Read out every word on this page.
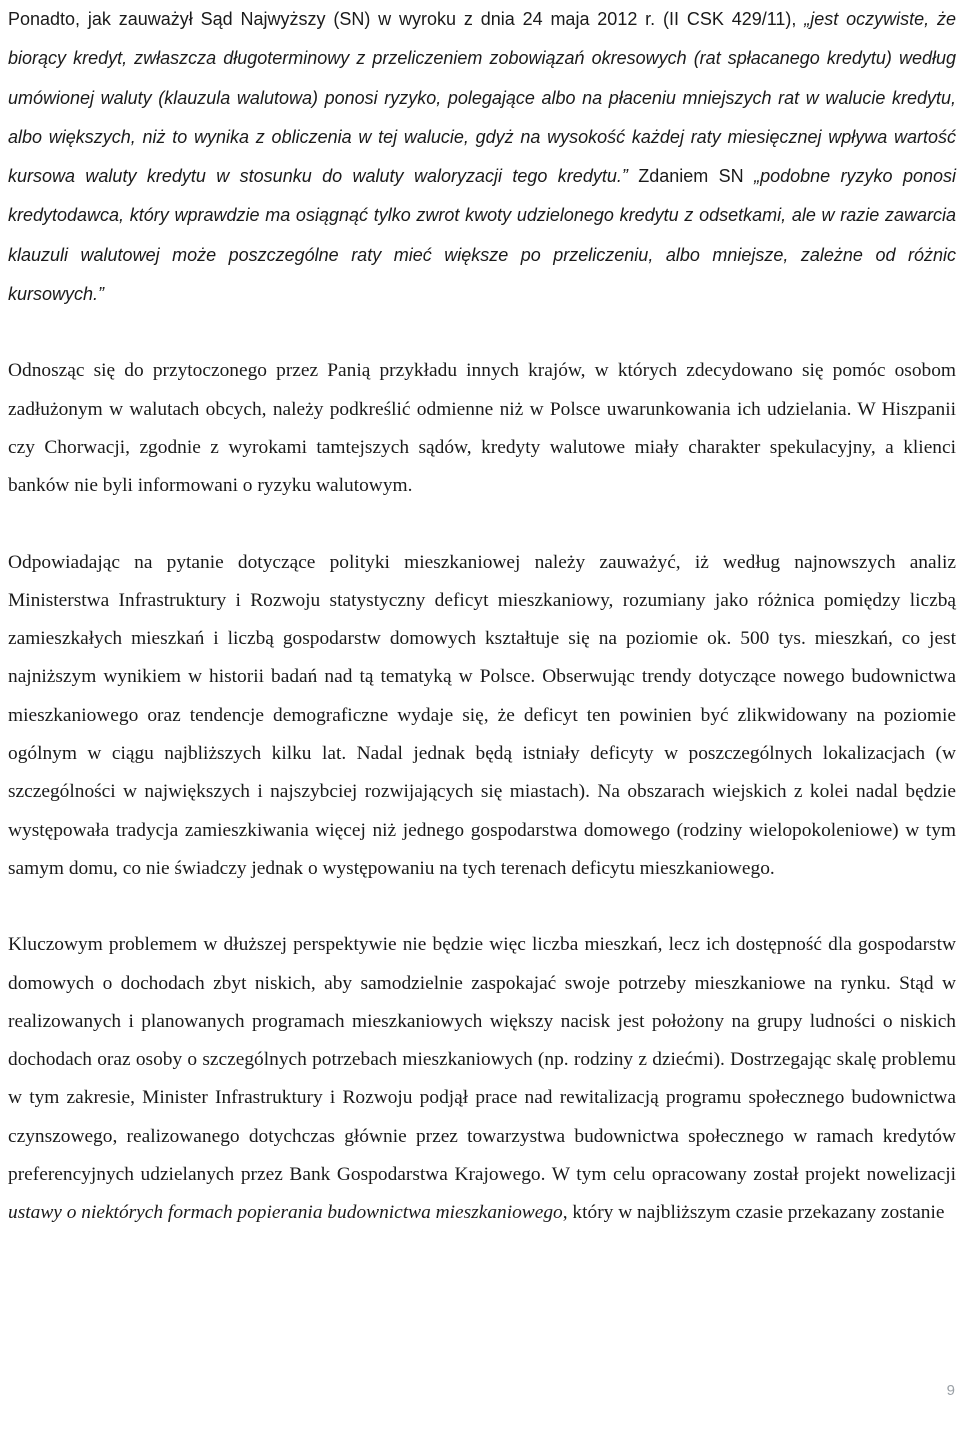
Ponadto, jak zauważył Sąd Najwyższy (SN) w wyroku z dnia 24 maja 2012 r. (II CSK 429/11), „jest oczywiste, że biorący kredyt, zwłaszcza długoterminowy z przeliczeniem zobowiązań okresowych (rat spłacanego kredytu) według umówionej waluty (klauzula walutowa) ponosi ryzyko, polegające albo na płaceniu mniejszych rat w walucie kredytu, albo większych, niż to wynika z obliczenia w tej walucie, gdyż na wysokość każdej raty miesięcznej wpływa wartość kursowa waluty kredytu w stosunku do waluty waloryzacji tego kredytu.” Zdaniem SN „podobne ryzyko ponosi kredytodawca, który wprawdzie ma osiągnąć tylko zwrot kwoty udzielonego kredytu z odsetkami, ale w razie zawarcia klauzuli walutowej może poszczególne raty mieć większe po przeliczeniu, albo mniejsze, zależne od różnic kursowych.”

Odnosząc się do przytoczonego przez Panią przykładu innych krajów, w których zdecydowano się pomóc osobom zadłużonym w walutach obcych, należy podkreślić odmienne niż w Polsce uwarunkowania ich udzielania. W Hiszpanii czy Chorwacji, zgodnie z wyrokami tamtejszych sądów, kredyty walutowe miały charakter spekulacyjny, a klienci banków nie byli informowani o ryzyku walutowym.

Odpowiadając na pytanie dotyczące polityki mieszkaniowej należy zauważyć, iż według najnowszych analiz Ministerstwa Infrastruktury i Rozwoju statystyczny deficyt mieszkaniowy, rozumiany jako różnica pomiędzy liczbą zamieszkałych mieszkań i liczbą gospodarstw domowych kształtuje się na poziomie ok. 500 tys. mieszkań, co jest najniższym wynikiem w historii badań nad tą tematyką w Polsce. Obserwując trendy dotyczące nowego budownictwa mieszkaniowego oraz tendencje demograficzne wydaje się, że deficyt ten powinien być zlikwidowany na poziomie ogólnym w ciągu najbliższych kilku lat. Nadal jednak będą istniały deficyty w poszczególnych lokalizacjach (w szczególności w największych i najszybciej rozwijających się miastach). Na obszarach wiejskich z kolei nadal będzie występowała tradycja zamieszkiwania więcej niż jednego gospodarstwa domowego (rodziny wielopokoleniowe) w tym samym domu, co nie świadczy jednak o występowaniu na tych terenach deficytu mieszkaniowego.

Kluczowym problemem w dłuższej perspektywie nie będzie więc liczba mieszkań, lecz ich dostępność dla gospodarstw domowych o dochodach zbyt niskich, aby samodzielnie zaspokajać swoje potrzeby mieszkaniowe na rynku. Stąd w realizowanych i planowanych programach mieszkaniowych większy nacisk jest położony na grupy ludności o niskich dochodach oraz osoby o szczególnych potrzebach mieszkaniowych (np. rodziny z dziećmi). Dostrzegając skalę problemu w tym zakresie, Minister Infrastruktury i Rozwoju podjął prace nad rewitalizacją programu społecznego budownictwa czynszowego, realizowanego dotychczas głównie przez towarzystwa budownictwa społecznego w ramach kredytów preferencyjnych udzielanych przez Bank Gospodarstwa Krajowego. W tym celu opracowany został projekt nowelizacji ustawy o niektórych formach popierania budownictwa mieszkaniowego, który w najbliższym czasie przekazany zostanie

9
